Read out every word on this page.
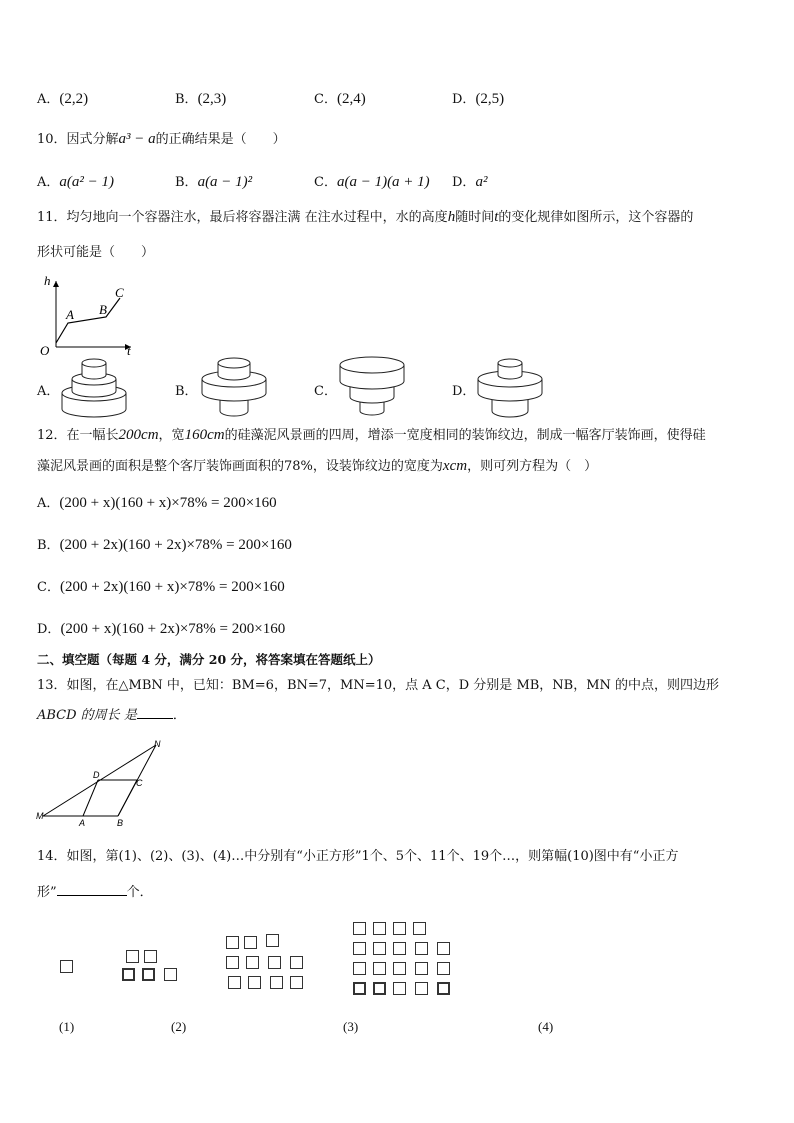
A．(2,2)	B．(2,3)	C．(2,4)	D．(2,5)
10．因式分解a³ − a的正确结果是（　　）
A．a(a² − 1)	B．a(a − 1)²	C．a(a − 1)(a + 1) D．a²
11．均匀地向一个容器注水，最后将容器注满 在注水过程中，水的高度h随时间t的变化规律如图所示，这个容器的
形状可能是（　　）
h
t
O
A B
C
A．	B．	C．	D．
12．在一幅长200cm，宽160cm的硅藻泥风景画的四周，增添一宽度相同的装饰纹边，制成一幅客厅装饰画，使得硅
藻泥风景画的面积是整个客厅装饰画面积的78%，设装饰纹边的宽度为xcm，则可列方程为（　）
A．(200 + x)(160 + x)×78% = 200×160
B．(200 + 2x)(160 + 2x)×78% = 200×160
C．(200 + 2x)(160 + x)×78% = 200×160
D．(200 + x)(160 + 2x)×78% = 200×160
二、填空题（每题 4 分，满分 20 分，将答案填在答题纸上）
13．如图，在△MBN 中，已知：BM=6，BN=7，MN=10，点 A C，D 分别是 MB，NB，MN 的中点，则四边形
ABCD 的周长 是	．
N
D
C
M
A	B
14．如图，第(1)、(2)、(3)、(4)…中分别有“小正方形”1个、5个、11个、19个…，则第幅(10)图中有“小正方
形”	个．
(1)	(2)	(3)	(4)
